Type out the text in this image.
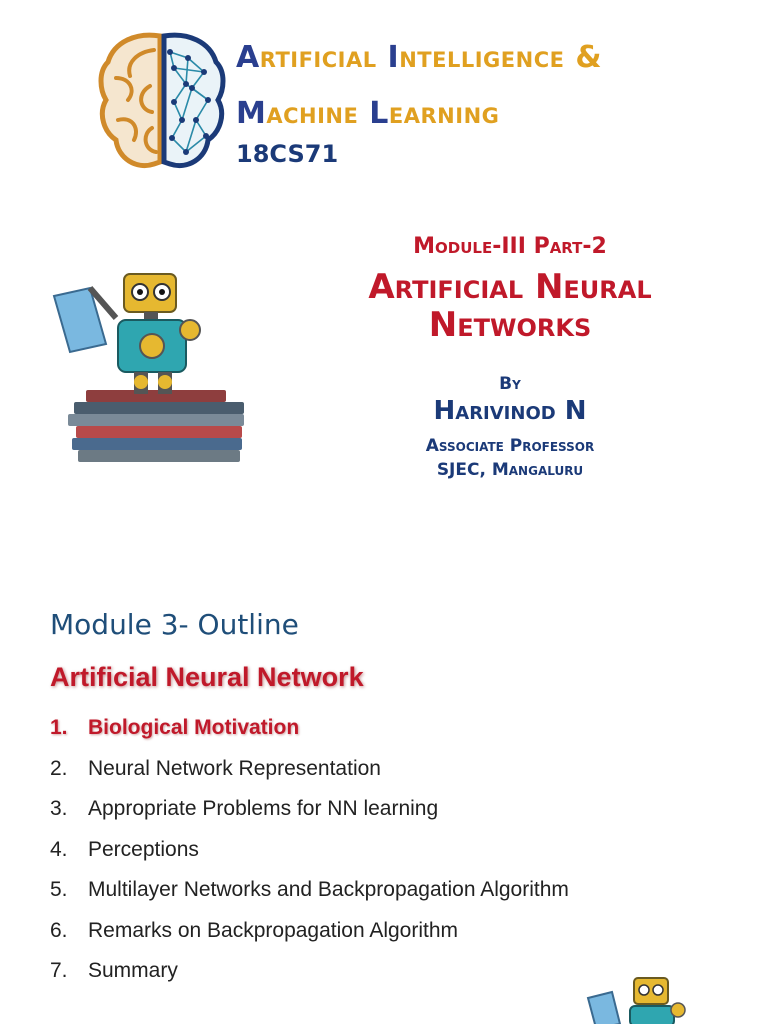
Artificial Intelligence &
Machine Learning
18CS71
Module-III Part-2
Artificial Neural
Networks
By
Harivinod N
Associate Professor
SJEC, Mangaluru
Module 3- Outline
Artificial Neural Network
1. Biological Motivation
2. Neural Network Representation
3. Appropriate Problems for NN learning
4. Perceptions
5. Multilayer Networks and Backpropagation Algorithm
6. Remarks on Backpropagation Algorithm
7. Summary
